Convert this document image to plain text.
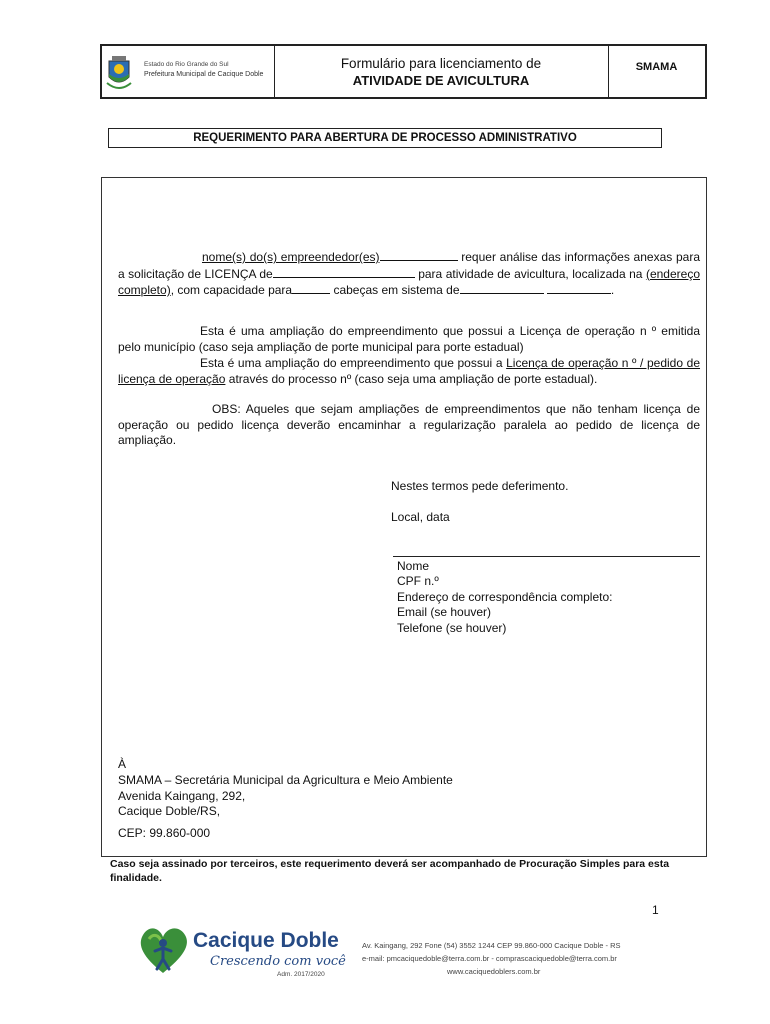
Estado do Rio Grande do Sul
Prefeitura Municipal de Cacique Doble
Formulário para licenciamento de
ATIVIDADE DE AVICULTURA
SMAMA
REQUERIMENTO PARA ABERTURA DE PROCESSO ADMINISTRATIVO
nome(s) do(s) empreendedor(es)	requer análise das informações anexas para a solicitação de LICENÇA de	para atividade de avicultura, localizada na (endereço completo), com capacidade para	cabeças em sistema de	.
Esta é uma ampliação do empreendimento que possui a Licença de operação n º emitida pelo município (caso seja ampliação de porte municipal para porte estadual)
Esta é uma ampliação do empreendimento que possui a Licença de operação n º / pedido de licença de operação através do processo nº (caso seja uma ampliação de porte estadual).
OBS: Aqueles que sejam ampliações de empreendimentos que não tenham licença de operação ou pedido licença deverão encaminhar a regularização paralela ao pedido de licença de ampliação.
Nestes termos pede deferimento.
Local, data
Nome
CPF n.º
Endereço de correspondência completo:
Email (se houver)
Telefone (se houver)
À
SMAMA – Secretária Municipal da Agricultura e Meio Ambiente
Avenida Kaingang, 292,
Cacique Doble/RS,
CEP: 99.860-000
Caso seja assinado por terceiros, este requerimento deverá ser acompanhado de Procuração Simples para esta finalidade.
1
Cacique Doble
Crescendo com você
Adm. 2017/2020
Av. Kaingang, 292 Fone (54) 3552 1244 CEP 99.860-000 Cacique Doble - RS
e-mail: pmcaciquedoble@terra.com.br - comprascaciquedoble@terra.com.br
www.caciquedoblers.com.br
